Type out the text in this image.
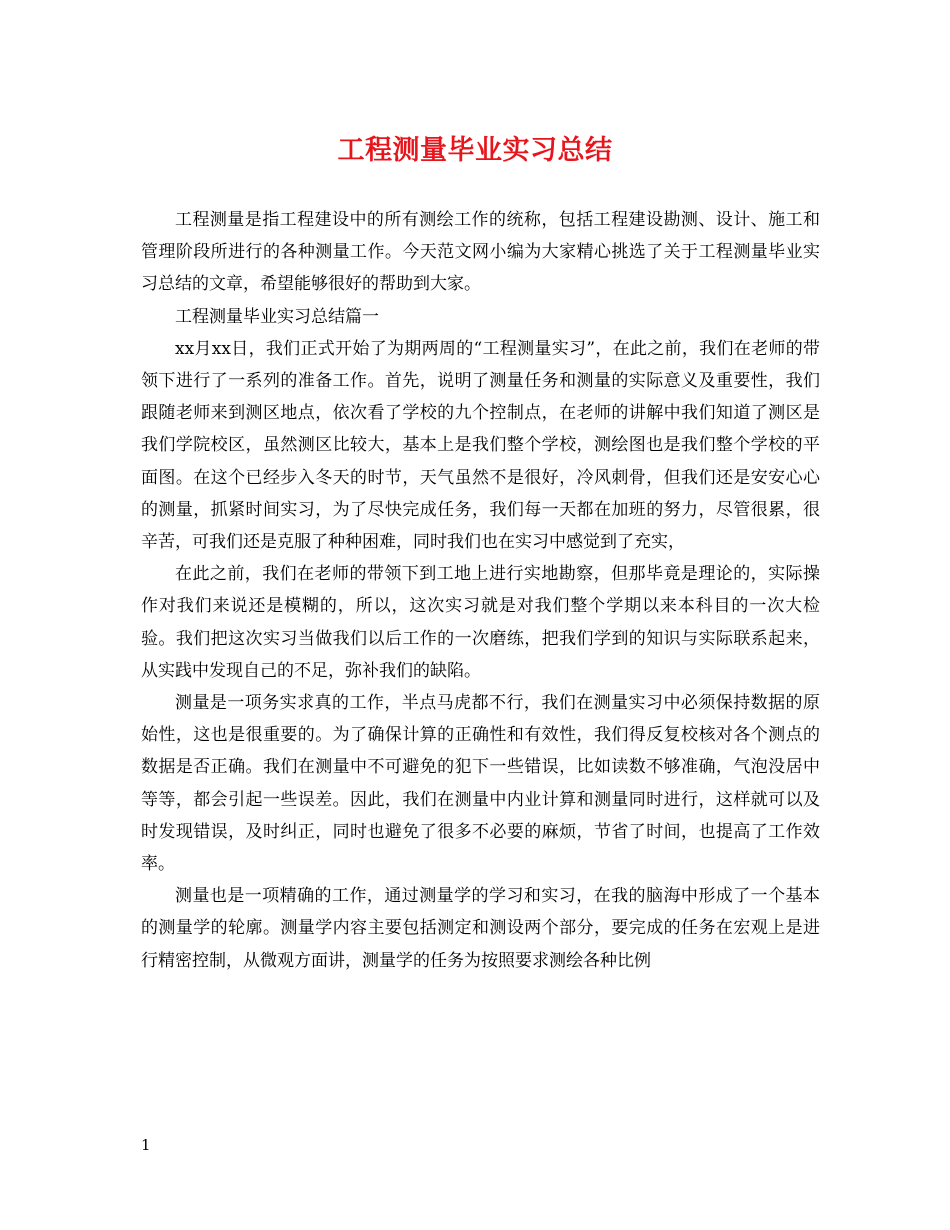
工程测量毕业实习总结

工程测量是指工程建设中的所有测绘工作的统称，包括工程建设勘测、设计、施工和管理阶段所进行的各种测量工作。今天范文网小编为大家精心挑选了关于工程测量毕业实习总结的文章，希望能够很好的帮助到大家。

工程测量毕业实习总结篇一

xx月xx日，我们正式开始了为期两周的“工程测量实习”，在此之前，我们在老师的带领下进行了一系列的准备工作。首先，说明了测量任务和测量的实际意义及重要性，我们跟随老师来到测区地点，依次看了学校的九个控制点，在老师的讲解中我们知道了测区是我们学院校区，虽然测区比较大，基本上是我们整个学校，测绘图也是我们整个学校的平面图。在这个已经步入冬天的时节，天气虽然不是很好，冷风刺骨，但我们还是安安心心的测量，抓紧时间实习，为了尽快完成任务，我们每一天都在加班的努力，尽管很累，很辛苦，可我们还是克服了种种困难，同时我们也在实习中感觉到了充实，

在此之前，我们在老师的带领下到工地上进行实地勘察，但那毕竟是理论的，实际操作对我们来说还是模糊的，所以，这次实习就是对我们整个学期以来本科目的一次大检验。我们把这次实习当做我们以后工作的一次磨练，把我们学到的知识与实际联系起来，从实践中发现自己的不足，弥补我们的缺陷。

测量是一项务实求真的工作，半点马虎都不行，我们在测量实习中必须保持数据的原始性，这也是很重要的。为了确保计算的正确性和有效性，我们得反复校核对各个测点的数据是否正确。我们在测量中不可避免的犯下一些错误，比如读数不够准确，气泡没居中等等，都会引起一些误差。因此，我们在测量中内业计算和测量同时进行，这样就可以及时发现错误，及时纠正，同时也避免了很多不必要的麻烦，节省了时间，也提高了工作效率。

测量也是一项精确的工作，通过测量学的学习和实习，在我的脑海中形成了一个基本的测量学的轮廓。测量学内容主要包括测定和测设两个部分，要完成的任务在宏观上是进行精密控制，从微观方面讲，测量学的任务为按照要求测绘各种比例

1
